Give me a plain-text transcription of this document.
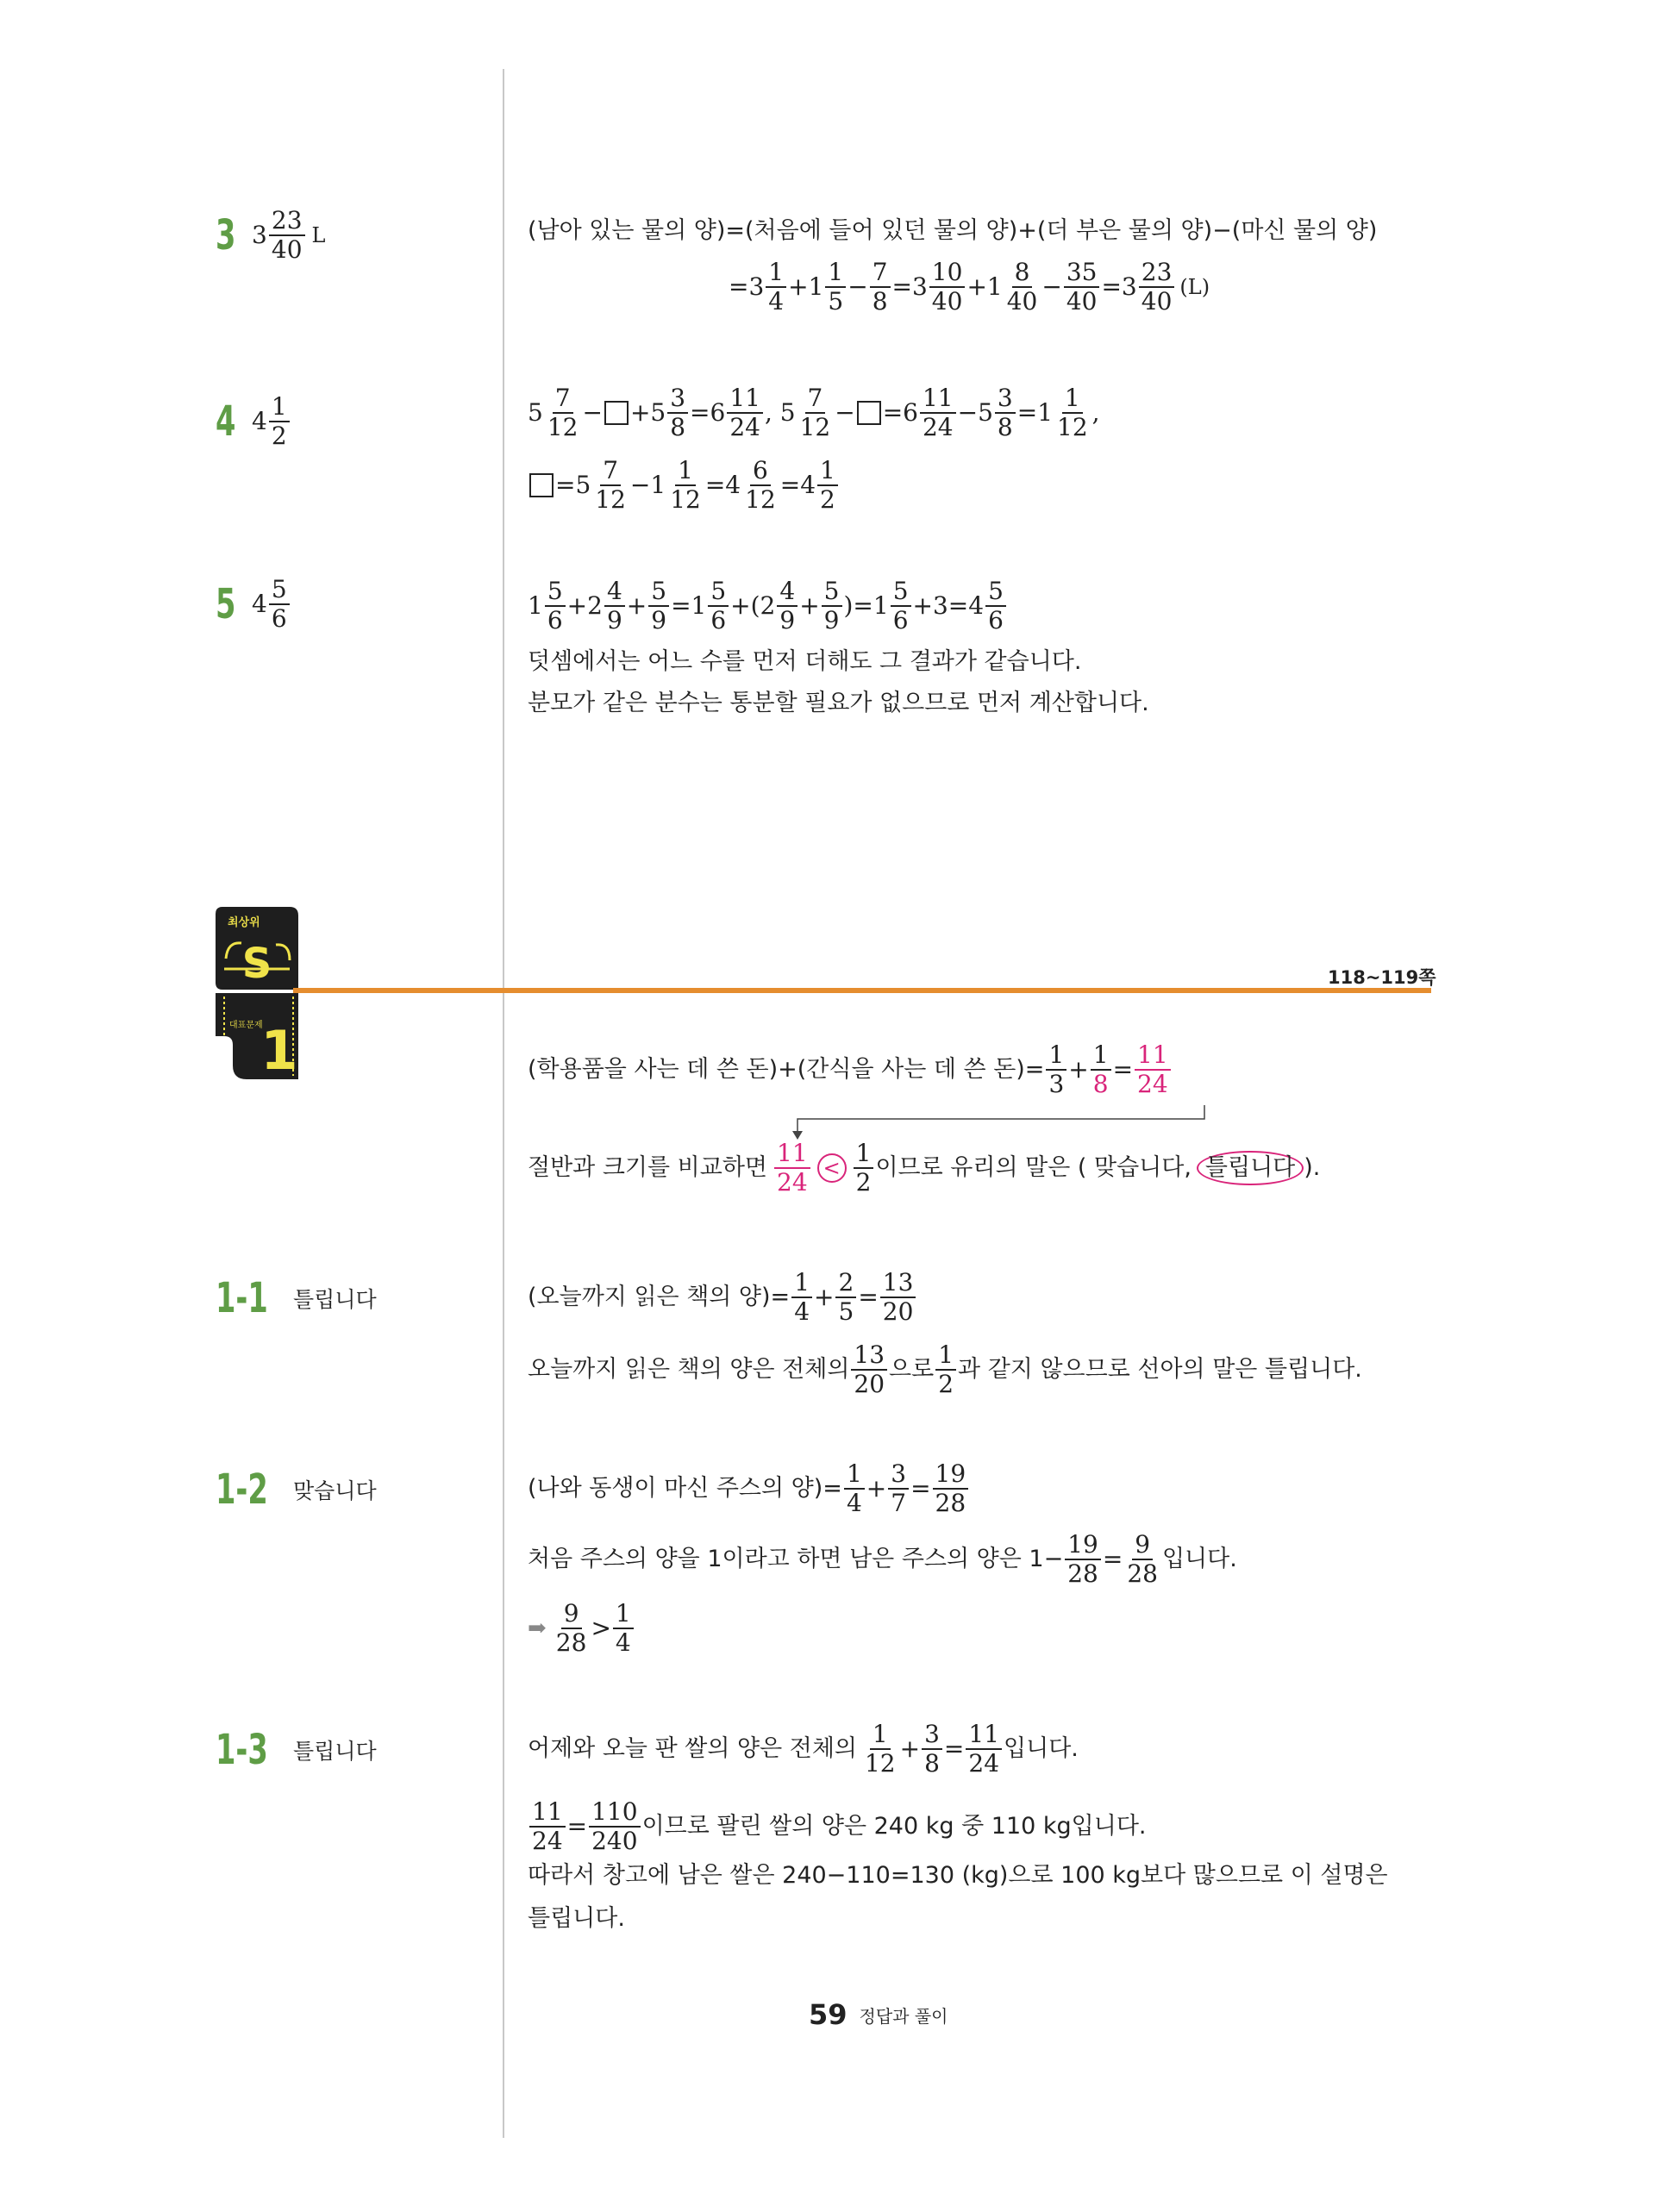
3 $3 \frac{23}{40}$ L	(남아 있는 물의 양)=(처음에 들어 있던 물의 양)+(더 부은 물의 양)−(마신 물의 양)
$=3 \frac{1}{4} +1 \frac{1}{5} - \frac{7}{8} =3 \frac{10}{40} +1 \frac{8}{40} - \frac{35}{40} =3 \frac{23}{40} (L)$
4 $4 \frac{1}{2}$	$5 \frac{7}{12} - +5 \frac{3}{8} =6 \frac{11}{24}$ , $5 \frac{7}{12} - =6 \frac{11}{24} -5 \frac{3}{8} =1 \frac{1}{12}$ ,
$=5 \frac{7}{12} -1 \frac{1}{12} =4 \frac{6}{12} =4 \frac{1}{2}$
5 $4 \frac{5}{6}$	$1 \frac{5}{6} +2 \frac{4}{9} + \frac{5}{9} =1 \frac{5}{6} +(2 \frac{4}{9} + \frac{5}{9} )=1 \frac{5}{6} +3=4 \frac{5}{6}$
덧셈에서는 어느 수를 먼저 더해도 그 결과가 같습니다.
분모가 같은 분수는 통분할 필요가 없으므로 먼저 계산합니다.
최상위
S
대표문제
1
118~119쪽
(학용품을 사는 데 쓴 돈)+(간식을 사는 데 쓴 돈)= $\frac{1}{3} + \frac{1}{8} = \frac{11}{24}$
절반과 크기를 비교하면 $\frac{11}{24} < \frac{1}{2}$ 이므로 유리의 말은 ( 맞습니다, 틀립니다 ).
1-1 틀립니다	(오늘까지 읽은 책의 양)= $\frac{1}{4} + \frac{2}{5} = \frac{13}{20}$
오늘까지 읽은 책의 양은 전체의 $\frac{13}{20}$ 으로 $\frac{1}{2}$ 과 같지 않으므로 선아의 말은 틀립니다.
1-2 맞습니다	(나와 동생이 마신 주스의 양)= $\frac{1}{4} + \frac{3}{7} = \frac{19}{28}$
처음 주스의 양을 1이라고 하면 남은 주스의 양은 $1- \frac{19}{28} = \frac{9}{28}$ 입니다.
➡ $\frac{9}{28} > \frac{1}{4}$
1-3 틀립니다	어제와 오늘 판 쌀의 양은 전체의 $\frac{1}{12} + \frac{3}{8} = \frac{11}{24}$ 입니다.
$\frac{11}{24} = \frac{110}{240}$ 이므로 팔린 쌀의 양은 240 kg 중 110 kg입니다.
따라서 창고에 남은 쌀은 240−110=130 (kg)으로 100 kg보다 많으므로 이 설명은
틀립니다.
59 정답과 풀이
